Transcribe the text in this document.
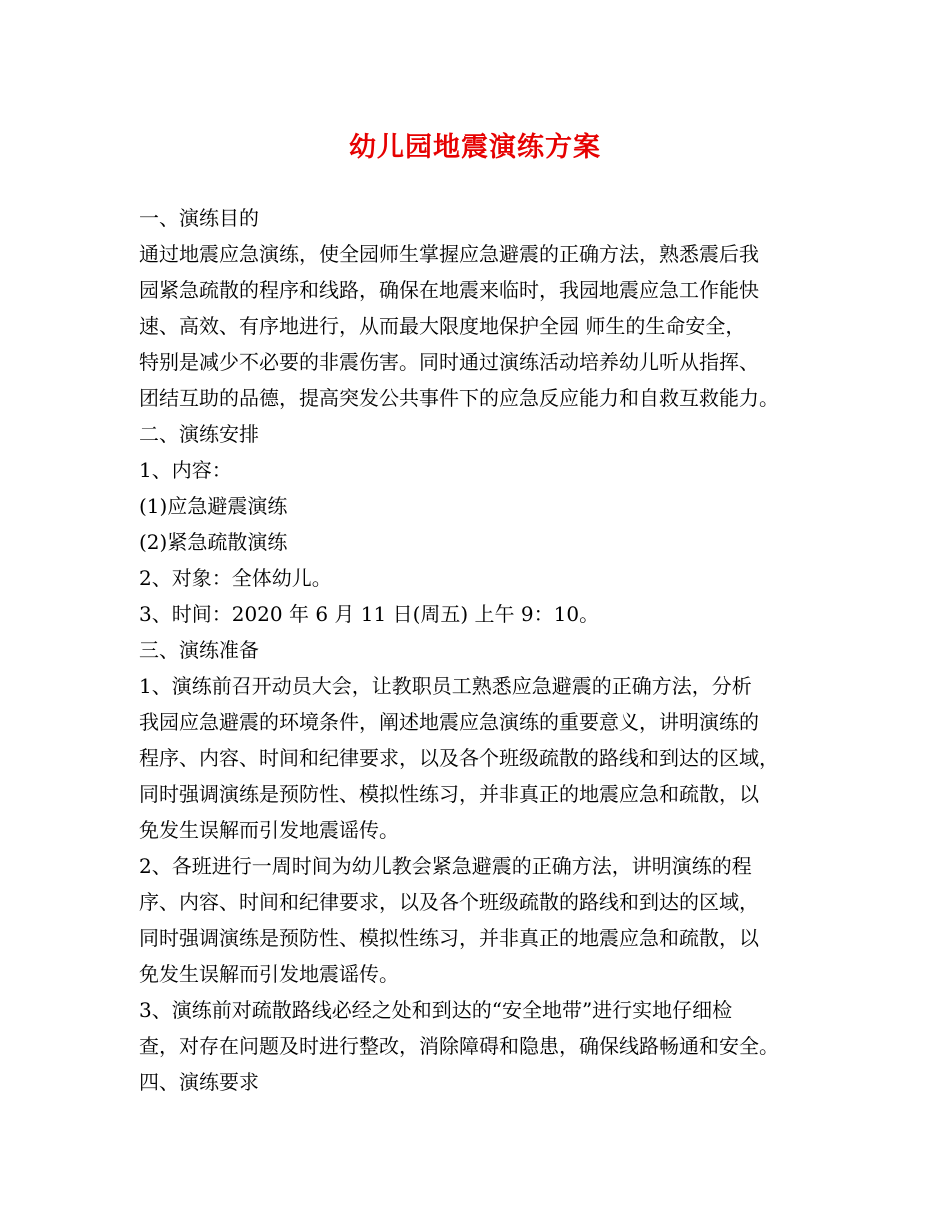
幼儿园地震演练方案
一、演练目的
通过地震应急演练，使全园师生掌握应急避震的正确方法，熟悉震后我
园紧急疏散的程序和线路，确保在地震来临时，我园地震应急工作能快
速、高效、有序地进行，从而最大限度地保护全园 师生的生命安全，
特别是减少不必要的非震伤害。同时通过演练活动培养幼儿听从指挥、
团结互助的品德，提高突发公共事件下的应急反应能力和自救互救能力。
二、演练安排
1、内容：
(1)应急避震演练
(2)紧急疏散演练
2、对象：全体幼儿。
3、时间：2020 年 6 月 11 日(周五) 上午 9：10。
三、演练准备
1、演练前召开动员大会，让教职员工熟悉应急避震的正确方法，分析
我园应急避震的环境条件，阐述地震应急演练的重要意义，讲明演练的
程序、内容、时间和纪律要求，以及各个班级疏散的路线和到达的区域，
同时强调演练是预防性、模拟性练习，并非真正的地震应急和疏散，以
免发生误解而引发地震谣传。
2、各班进行一周时间为幼儿教会紧急避震的正确方法，讲明演练的程
序、内容、时间和纪律要求，以及各个班级疏散的路线和到达的区域，
同时强调演练是预防性、模拟性练习，并非真正的地震应急和疏散，以
免发生误解而引发地震谣传。
3、演练前对疏散路线必经之处和到达的“安全地带”进行实地仔细检
查，对存在问题及时进行整改，消除障碍和隐患，确保线路畅通和安全。
四、演练要求
